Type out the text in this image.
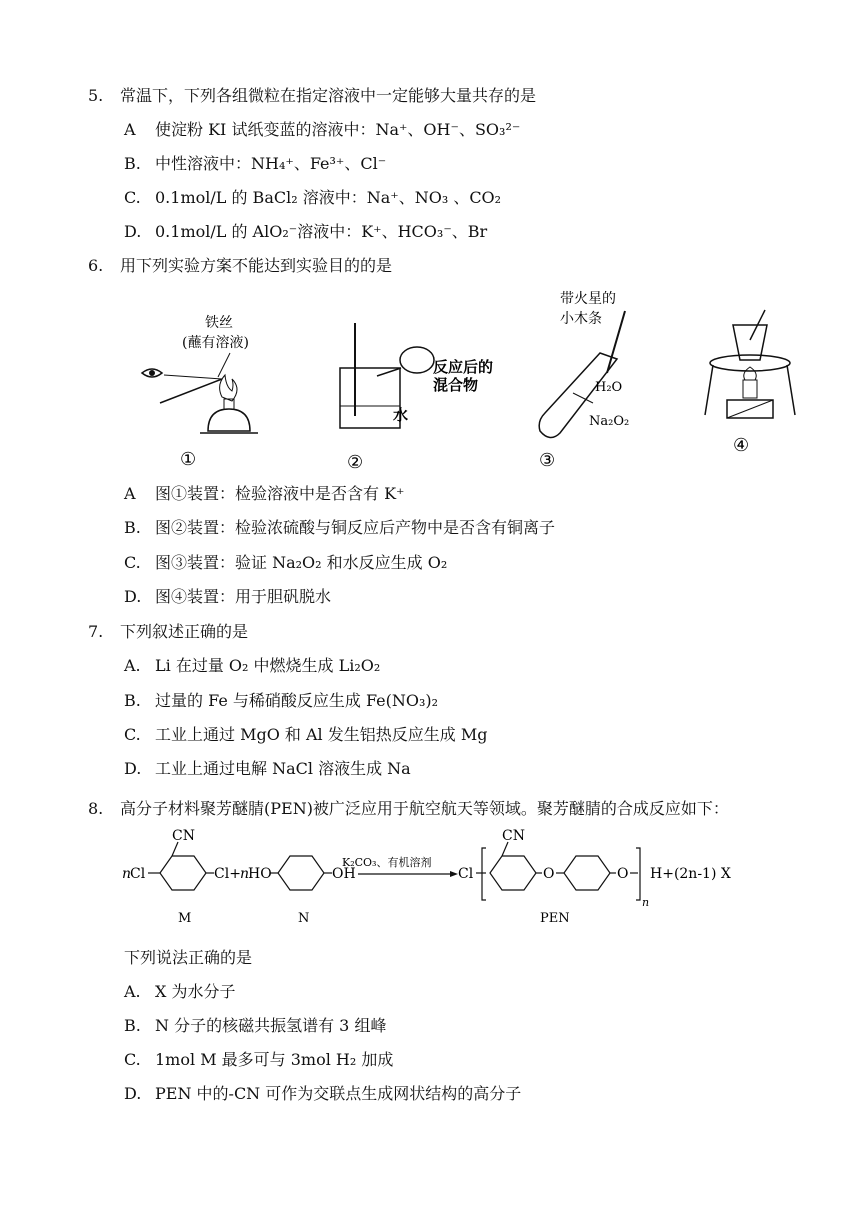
5. 常温下，下列各组微粒在指定溶液中一定能够大量共存的是
A 使淀粉 KI 试纸变蓝的溶液中：Na⁺、OH⁻、SO₃²⁻
B. 中性溶液中：NH₄⁺、Fe³⁺、Cl⁻
C. 0.1mol/L 的 BaCl₂ 溶液中：Na⁺、NO₃ 、CO₂
D. 0.1mol/L 的 AlO₂⁻溶液中：K⁺、HCO₃⁻、Br
6. 用下列实验方案不能达到实验目的的是
铁丝
(蘸有溶液)
①
反应后的
混合物
水
②
带火星的
小木条
H₂O
Na₂O₂
③
④
A 图①装置：检验溶液中是否含有 K⁺
B. 图②装置：检验浓硫酸与铜反应后产物中是否含有铜离子
C. 图③装置：验证 Na₂O₂ 和水反应生成 O₂
D. 图④装置：用于胆矾脱水
7. 下列叙述正确的是
A. Li 在过量 O₂ 中燃烧生成 Li₂O₂
B. 过量的 Fe 与稀硝酸反应生成 Fe(NO₃)₂
C. 工业上通过 MgO 和 Al 发生铝热反应生成 Mg
D. 工业上通过电解 NaCl 溶液生成 Na
8. 高分子材料聚芳醚腈(PEN)被广泛应用于航空航天等领域。聚芳醚腈的合成反应如下：
n
Cl
CN
Cl+ n
HO
M
OH
N
K₂CO₃、有机溶剂
Cl
CN
O	O
n
H+(2n-1) X
PEN
下列说法正确的是
A. X 为水分子
B. N 分子的核磁共振氢谱有 3 组峰
C. 1mol M 最多可与 3mol H₂ 加成
D. PEN 中的-CN 可作为交联点生成网状结构的高分子
